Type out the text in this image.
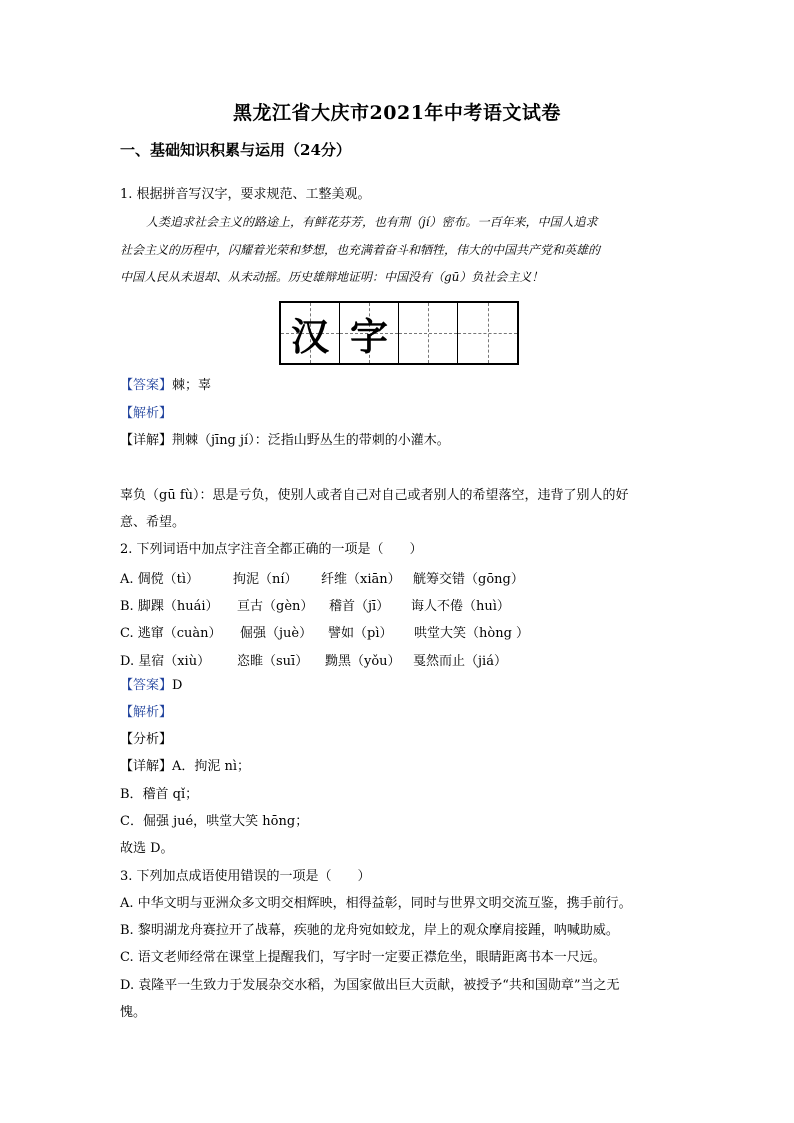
黑龙江省大庆市2021年中考语文试卷
一、基础知识积累与运用（24分）
1. 根据拼音写汉字，要求规范、工整美观。
人类追求社会主义的路途上，有鲜花芬芳，也有荆（jí）密布。一百年来，中国人追求
社会主义的历程中，闪耀着光荣和梦想，也充满着奋斗和牺牲，伟大的中国共产党和英雄的
中国人民从未退却、从未动摇。历史雄辩地证明：中国没有（gū）负社会主义！
汉 字
【答案】棘；辜
【解析】
【详解】荆棘（jīng jí）：泛指山野丛生的带刺的小灌木。
辜负（gū fù）：思是亏负，使别人或者自己对自己或者别人的希望落空，违背了别人的好
意、希望。
2. 下列词语中加点字注音全都正确的一项是（　　）
A. 倜傥（tì）	拘泥（ní） 纤维（xiān） 觥筹交错（gōng）
B. 脚踝（huái） 亘古（gèn） 稽首（jī） 诲人不倦（huì）
C. 逃窜（cuàn） 倔强（juè） 譬如（pì） 哄堂大笑（hòng ）
D. 星宿（xiù） 恣睢（suī） 黝黑（yǒu） 戛然而止（jiá）
【答案】D
【解析】
【分析】
【详解】A．拘泥 nì；
B．稽首 qǐ；
C．倔强 jué，哄堂大笑 hōng；
故选 D。
3. 下列加点成语使用错误的一项是（　　）
A. 中华文明与亚洲众多文明交相辉映，相得益彰，同时与世界文明交流互鉴，携手前行。
B. 黎明湖龙舟赛拉开了战幕，疾驰的龙舟宛如蛟龙，岸上的观众摩肩接踵，呐喊助威。
C. 语文老师经常在课堂上提醒我们，写字时一定要正襟危坐，眼睛距离书本一尺远。
D. 袁隆平一生致力于发展杂交水稻，为国家做出巨大贡献，被授予“共和国勋章”当之无
愧。
